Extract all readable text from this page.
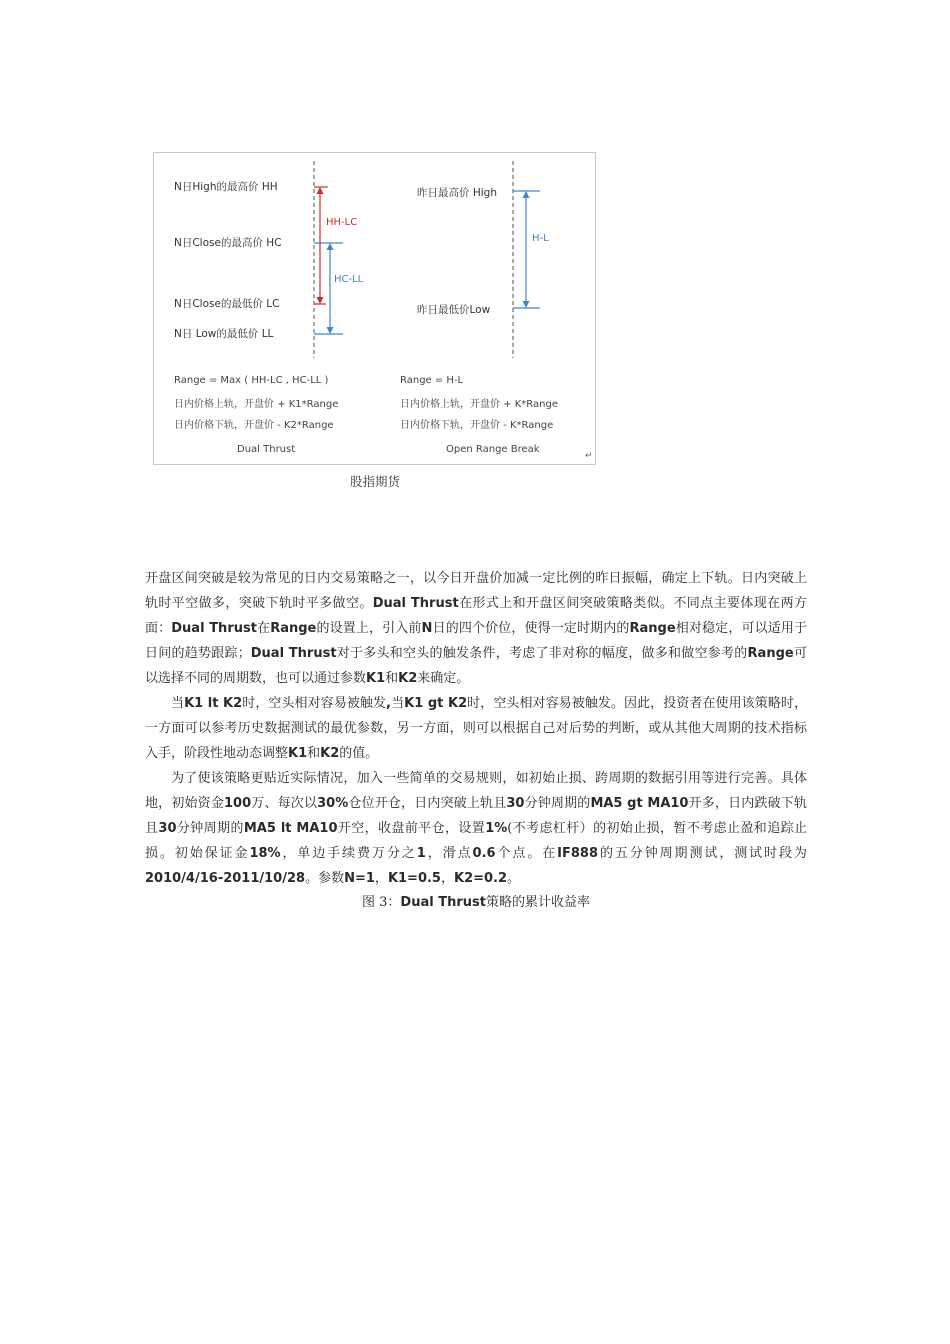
N日High的最高价 HH
N日Close的最高价 HC
N日Close的最低价 LC
N日 Low的最低价 LL
HH-LC
HC-LL
昨日最高价 High
昨日最低价Low
H-L
Range = Max ( HH-LC , HC-LL )
日内价格上轨，开盘价 + K1*Range
日内价格下轨，开盘价 - K2*Range
Dual Thrust
Range = H-L
日内价格上轨，开盘价 + K*Range
日内价格下轨，开盘价 - K*Range
Open Range Break
↵
股指期货

开盘区间突破是较为常见的日内交易策略之一，以今日开盘价加减一定比例的昨日振幅，确定上下轨。日内突破上轨时平空做多，突破下轨时平多做空。Dual Thrust在形式上和开盘区间突破策略类似。不同点主要体现在两方面：Dual Thrust在Range的设置上，引入前N日的四个价位，使得一定时期内的Range相对稳定，可以适用于日间的趋势跟踪；Dual Thrust对于多头和空头的触发条件，考虑了非对称的幅度，做多和做空参考的Range可以选择不同的周期数，也可以通过参数K1和K2来确定。

当K1 lt K2时，空头相对容易被触发,当K1 gt K2时，空头相对容易被触发。因此，投资者在使用该策略时，一方面可以参考历史数据测试的最优参数，另一方面，则可以根据自己对后势的判断，或从其他大周期的技术指标入手，阶段性地动态调整K1和K2的值。

为了使该策略更贴近实际情况，加入一些简单的交易规则，如初始止损、跨周期的数据引用等进行完善。具体地，初始资金100万、每次以30%仓位开仓，日内突破上轨且30分钟周期的MA5 gt MA10开多，日内跌破下轨且30分钟周期的MA5 lt MA10开空，收盘前平仓，设置1%(不考虑杠杆）的初始止损，暂不考虑止盈和追踪止损。初始保证金18%，单边手续费万分之1，滑点0.6个点。在IF888的五分钟周期测试，测试时段为2010/4/16-2011/10/28。参数N=1，K1=0.5，K2=0.2。

图 3：Dual Thrust策略的累计收益率
